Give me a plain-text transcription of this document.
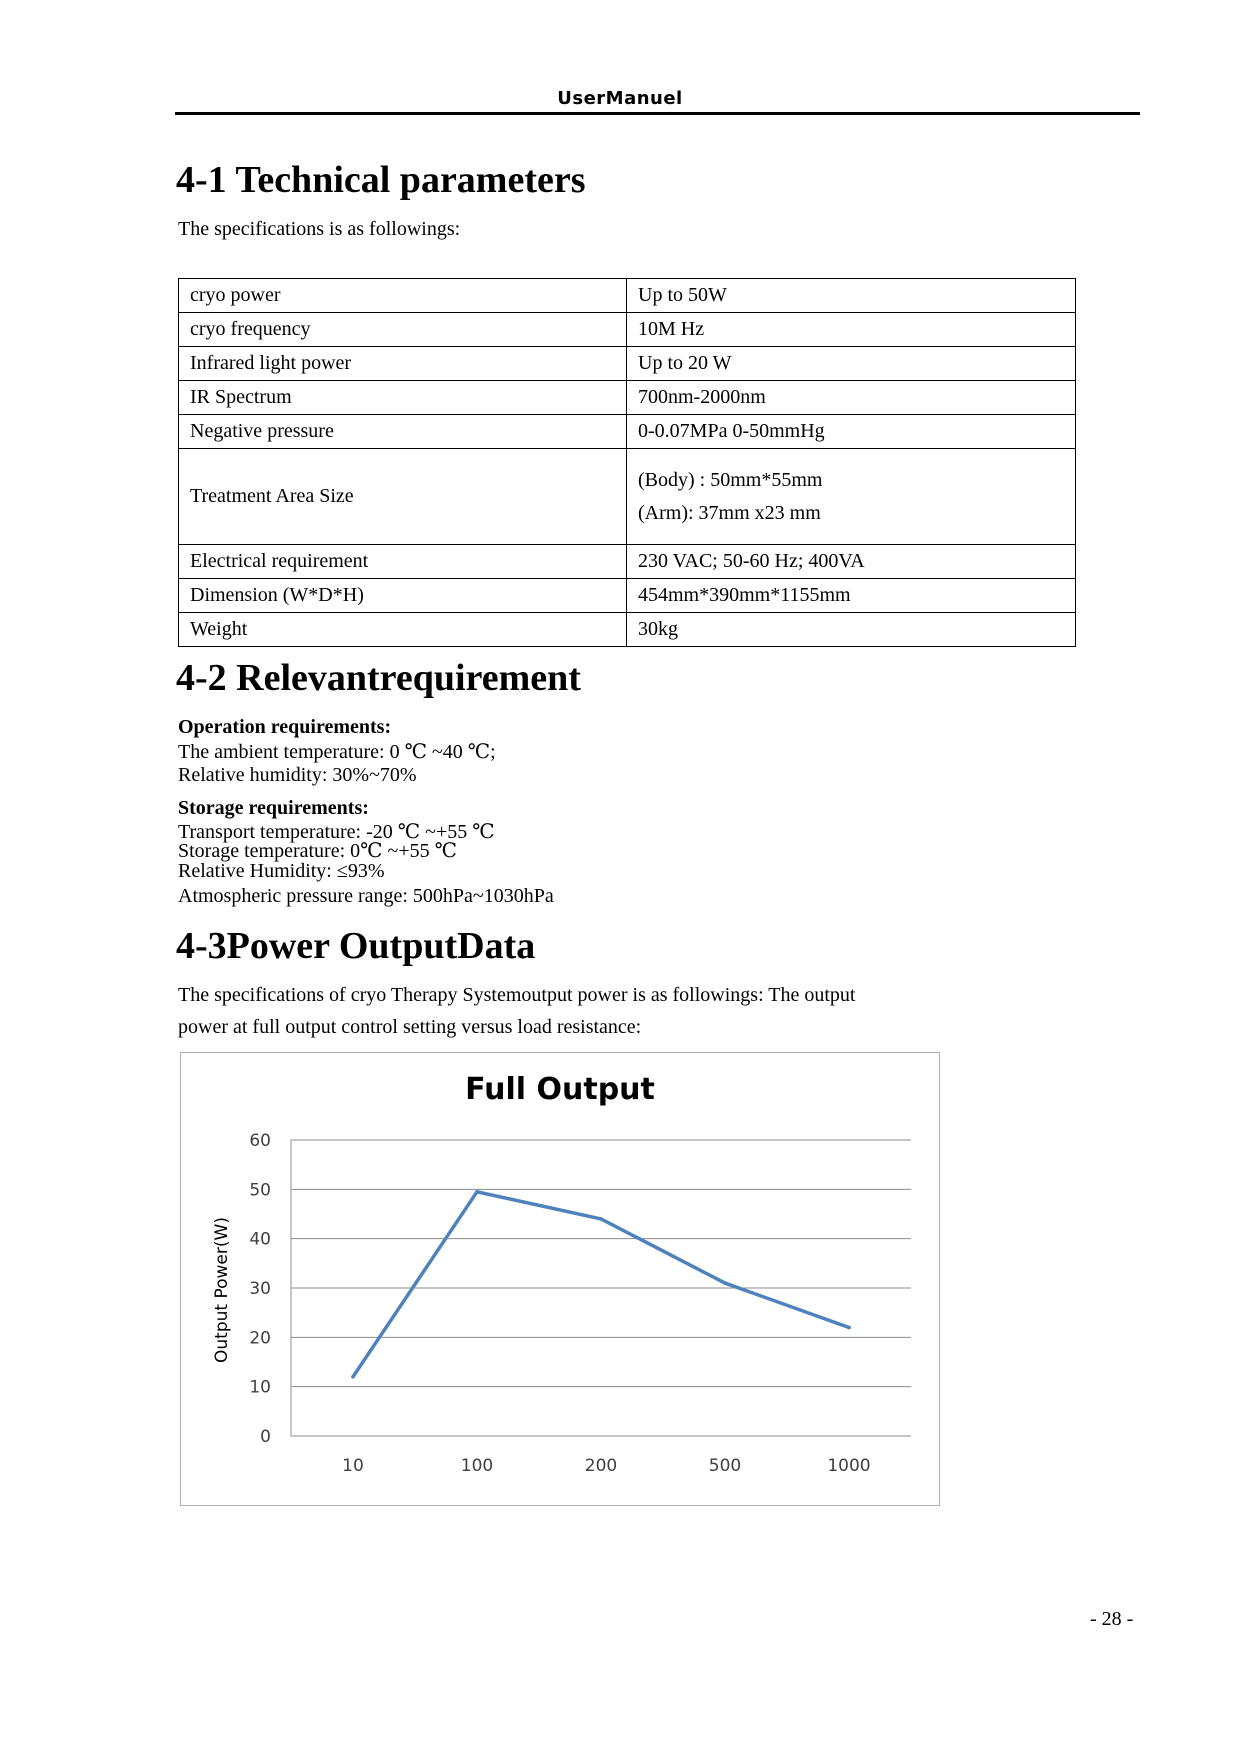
UserManuel
4-1 Technical parameters

The specifications is as followings:

cryo power	Up to 50W

cryo frequency	10M Hz

Infrared light power	Up to 20 W

IR Spectrum	700nm-2000nm

Negative pressure	0-0.07MPa 0-50mmHg

Treatment Area Size	(Body) : 50mm*55mm
(Arm): 37mm x23 mm

Electrical requirement	230 VAC; 50-60 Hz; 400VA

Dimension (W*D*H)	454mm*390mm*1155mm

Weight	30kg
4-2 Relevantrequirement
Operation requirements:
The ambient temperature: 0 ℃ ~40 ℃;
Relative humidity: 30%~70%
Storage requirements:
Transport temperature: -20 ℃ ~+55 ℃
Storage temperature: 0℃ ~+55 ℃
Relative Humidity: ≤93%
Atmospheric pressure range: 500hPa~1030hPa
4-3Power OutputData

The specifications of cryo Therapy Systemoutput power is as followings: The output

power at full output control setting versus load resistance:

Full Output
0
10
20
30
40
50
60
10	100	200	500	1000
Output Power(W)
- 28 -
